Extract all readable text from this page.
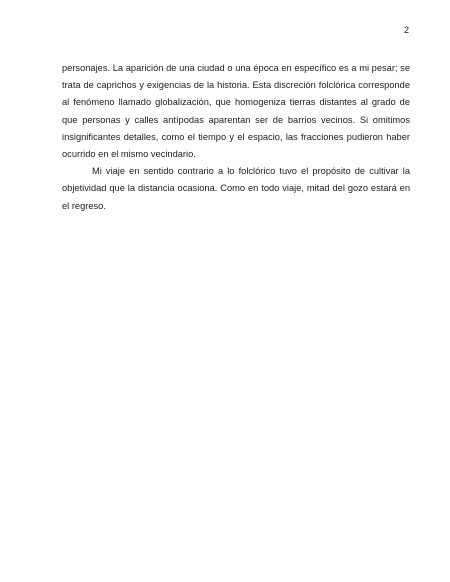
2

personajes. La aparición de una ciudad o una época en específico es a mi pesar; se trata de caprichos y exigencias de la historia. Esta discreción folclórica corresponde al fenómeno llamado globalización, que homogeniza tierras distantes al grado de que personas y calles antípodas aparentan ser de barrios vecinos. Si omitimos insignificantes detalles, como el tiempo y el espacio, las fracciones pudieron haber ocurrido en el mismo vecindario.

Mi viaje en sentido contrario a lo folclórico tuvo el propósito de cultivar la objetividad que la distancia ocasiona. Como en todo viaje, mitad del gozo estará en el regreso.
